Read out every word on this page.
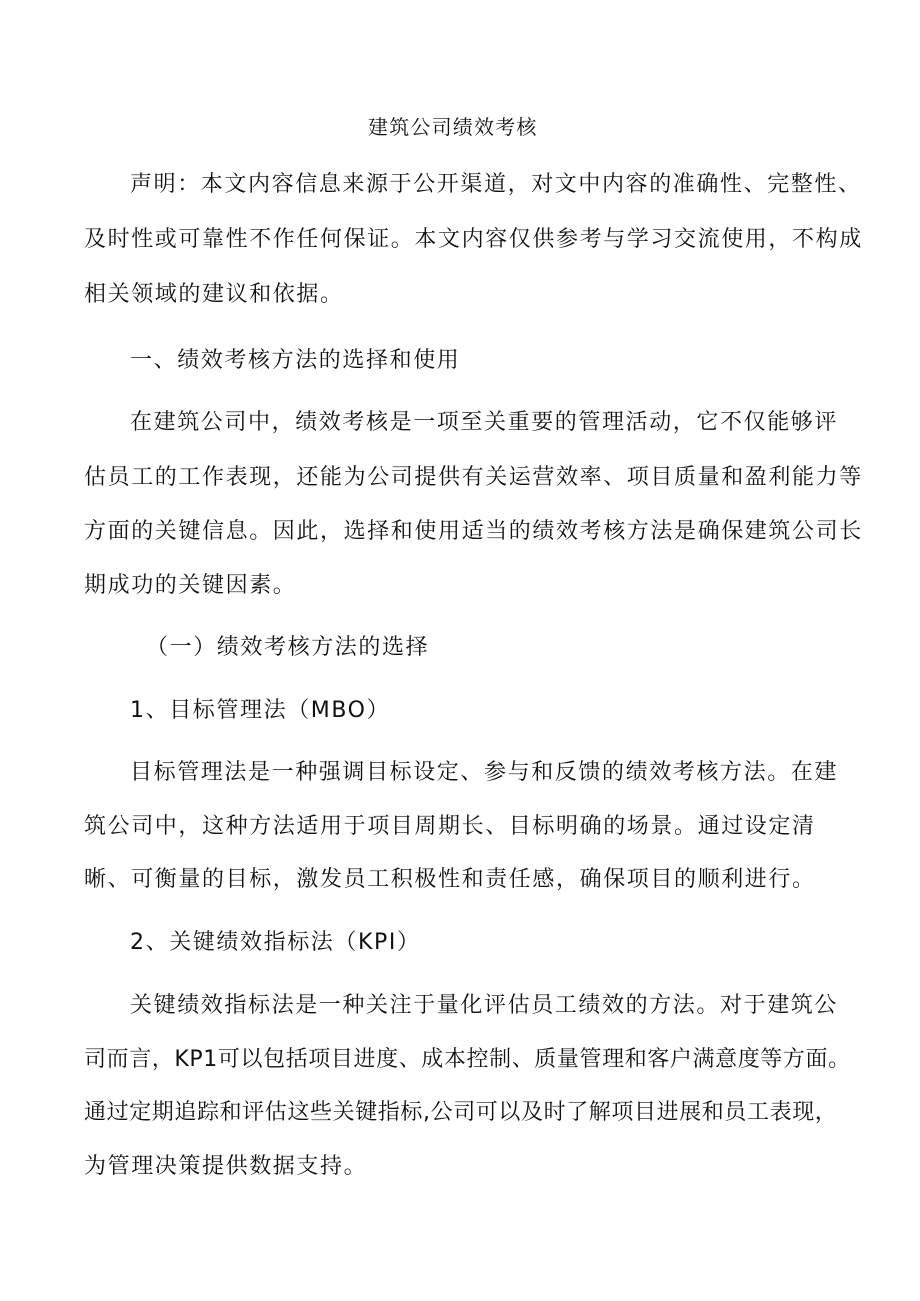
建筑公司绩效考核
声明：本文内容信息来源于公开渠道，对文中内容的准确性、完整性、
及时性或可靠性不作任何保证。本文内容仅供参考与学习交流使用，不构成
相关领域的建议和依据。
一、绩效考核方法的选择和使用
在建筑公司中，绩效考核是一项至关重要的管理活动，它不仅能够评
估员工的工作表现，还能为公司提供有关运营效率、项目质量和盈利能力等
方面的关键信息。因此，选择和使用适当的绩效考核方法是确保建筑公司长
期成功的关键因素。
（一）绩效考核方法的选择
1、目标管理法（MBO）
目标管理法是一种强调目标设定、参与和反馈的绩效考核方法。在建
筑公司中，这种方法适用于项目周期长、目标明确的场景。通过设定清
晰、可衡量的目标，激发员工积极性和责任感，确保项目的顺利进行。
2、关键绩效指标法（KPI）
关键绩效指标法是一种关注于量化评估员工绩效的方法。对于建筑公
司而言，KP1可以包括项目进度、成本控制、质量管理和客户满意度等方面。
通过定期追踪和评估这些关键指标,公司可以及时了解项目进展和员工表现，
为管理决策提供数据支持。
